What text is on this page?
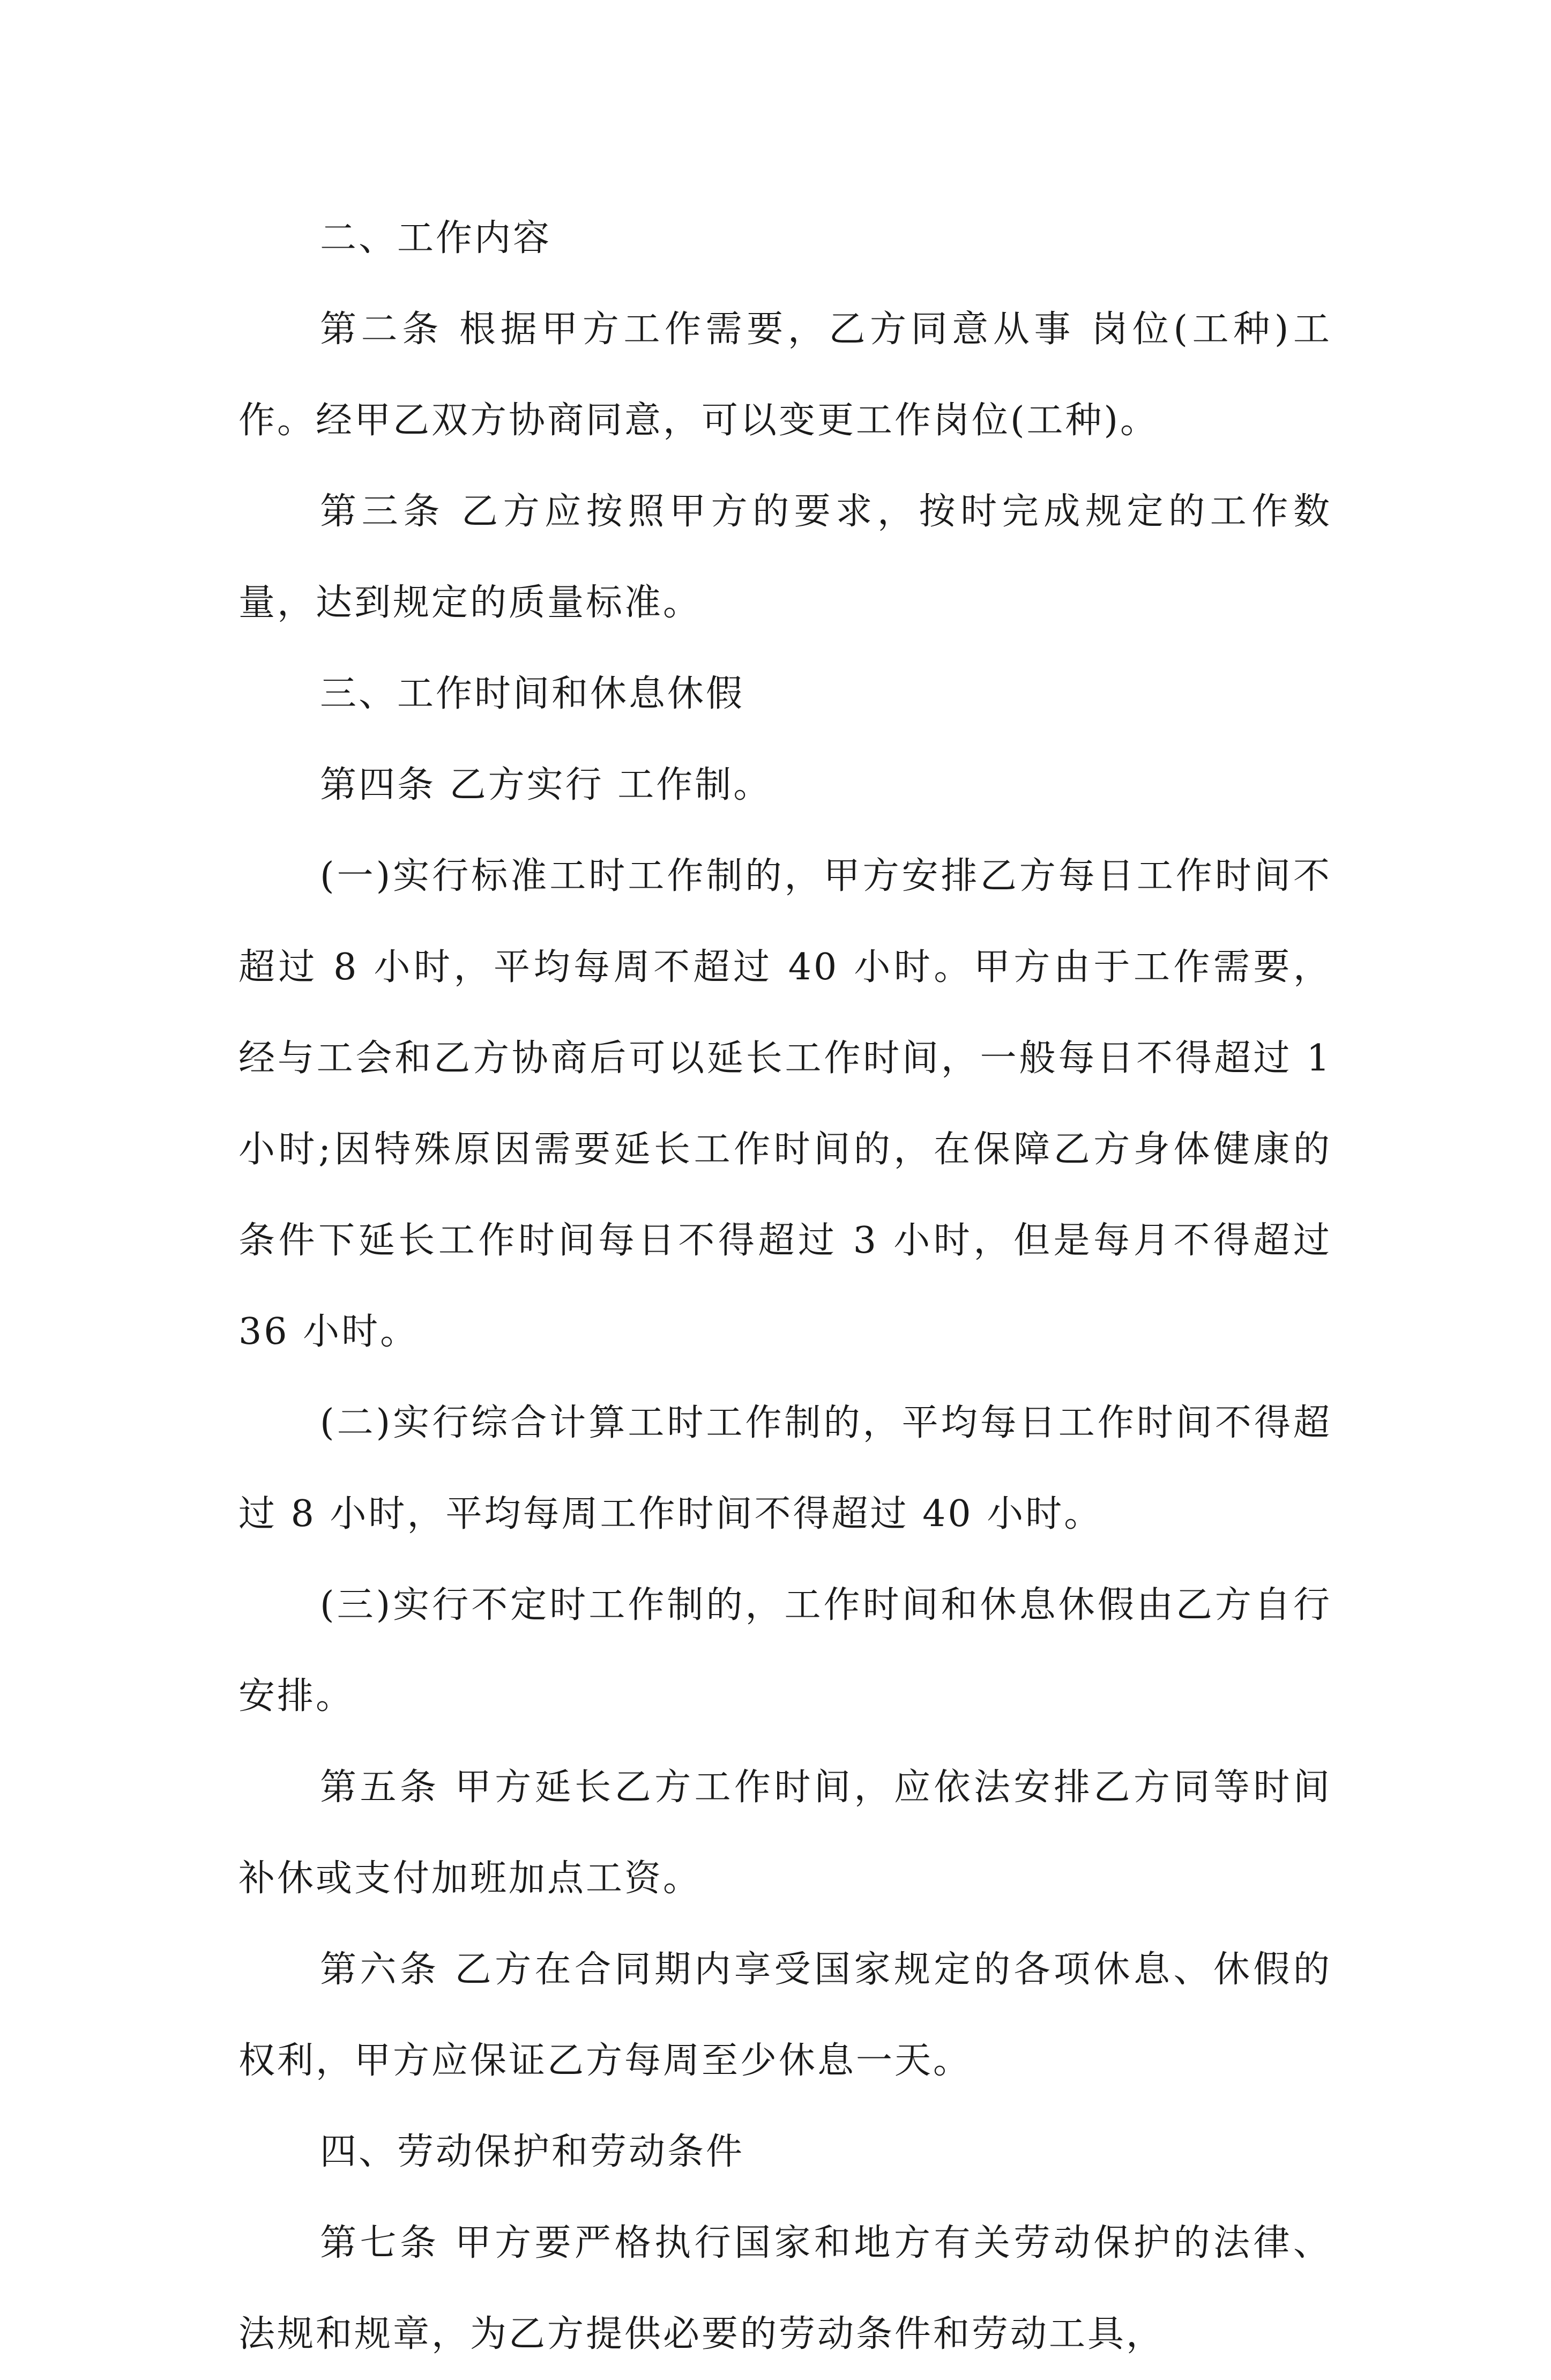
二、工作内容

第二条 根据甲方工作需要，乙方同意从事 岗位(工种)工作。经甲乙双方协商同意，可以变更工作岗位(工种)。

第三条 乙方应按照甲方的要求，按时完成规定的工作数量，达到规定的质量标准。

三、工作时间和休息休假

第四条 乙方实行 工作制。

(一)实行标准工时工作制的，甲方安排乙方每日工作时间不超过 8 小时，平均每周不超过 40 小时。甲方由于工作需要，经与工会和乙方协商后可以延长工作时间，一般每日不得超过 1 小时;因特殊原因需要延长工作时间的，在保障乙方身体健康的条件下延长工作时间每日不得超过 3 小时，但是每月不得超过 36 小时。

(二)实行综合计算工时工作制的，平均每日工作时间不得超过 8 小时，平均每周工作时间不得超过 40 小时。

(三)实行不定时工作制的，工作时间和休息休假由乙方自行安排。

第五条 甲方延长乙方工作时间，应依法安排乙方同等时间补休或支付加班加点工资。

第六条 乙方在合同期内享受国家规定的各项休息、休假的权利，甲方应保证乙方每周至少休息一天。

四、劳动保护和劳动条件

第七条 甲方要严格执行国家和地方有关劳动保护的法律、法规和规章，为乙方提供必要的劳动条件和劳动工具，
